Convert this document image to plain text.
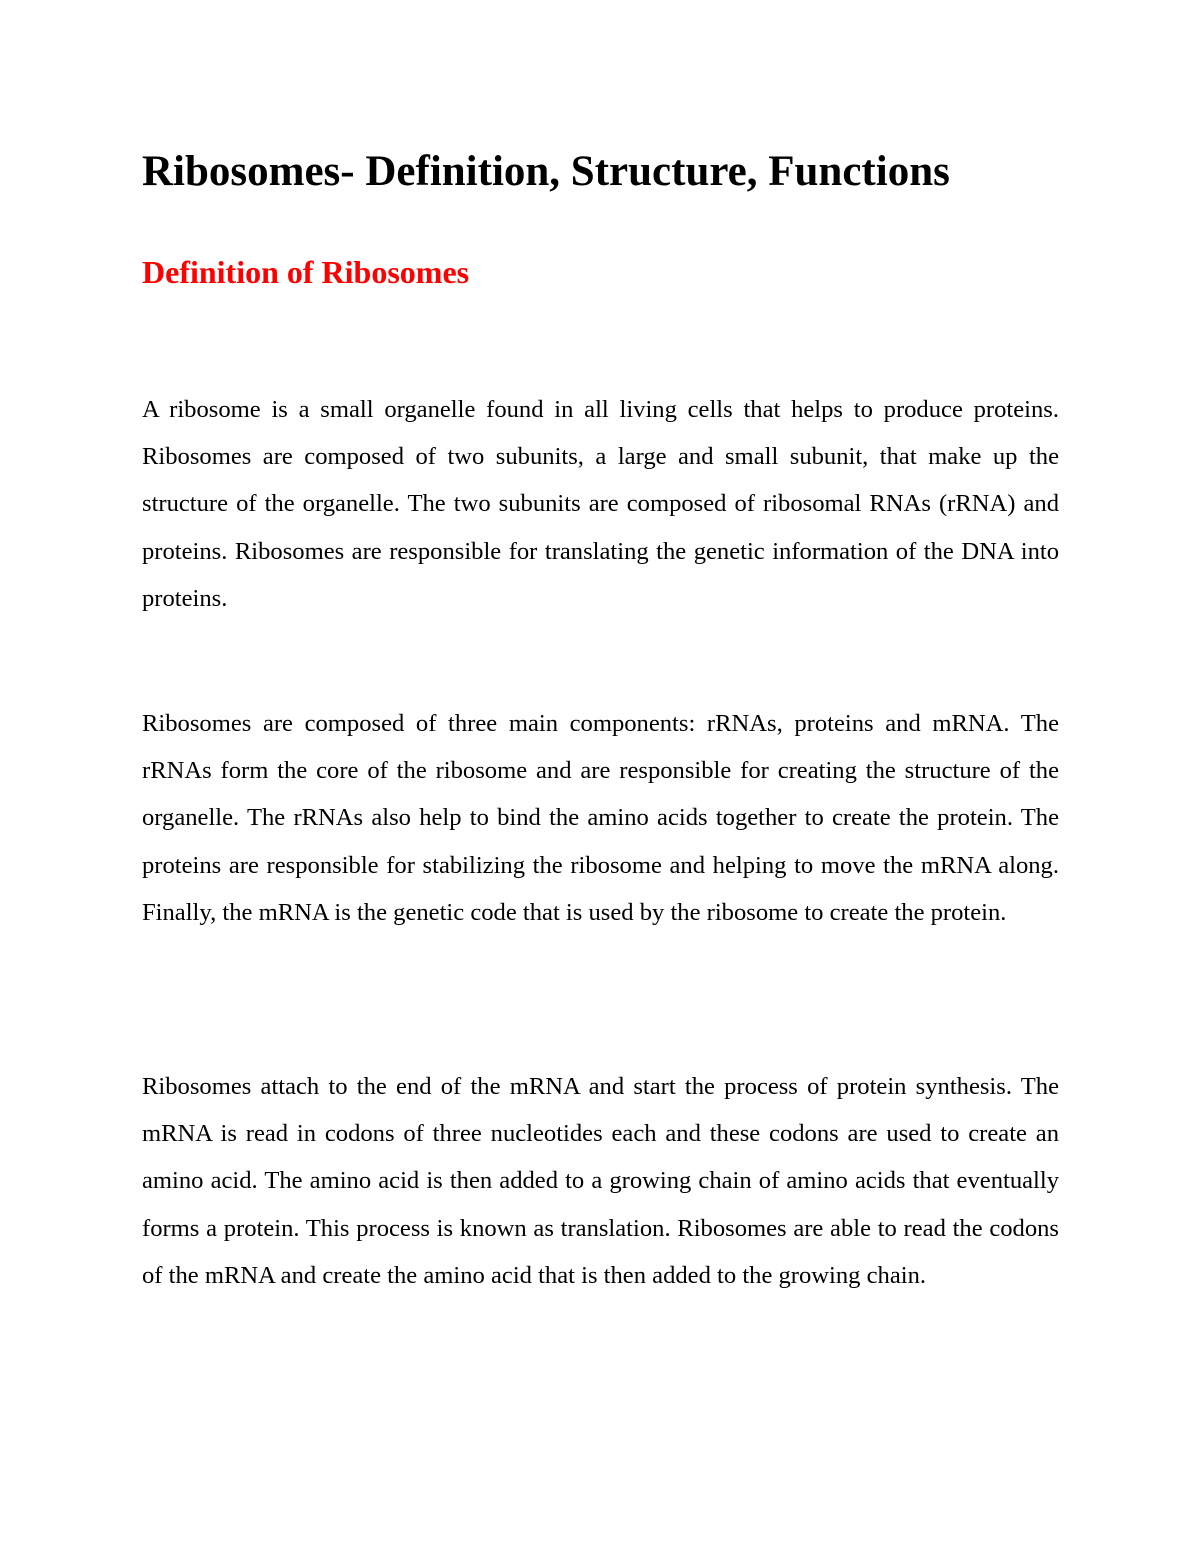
Ribosomes- Definition, Structure, Functions
Definition of Ribosomes

A ribosome is a small organelle found in all living cells that helps to produce proteins. Ribosomes are composed of two subunits, a large and small subunit, that make up the structure of the organelle. The two subunits are composed of ribosomal RNAs (rRNA) and proteins. Ribosomes are responsible for translating the genetic information of the DNA into proteins.

Ribosomes are composed of three main components: rRNAs, proteins and mRNA. The rRNAs form the core of the ribosome and are responsible for creating the structure of the organelle. The rRNAs also help to bind the amino acids together to create the protein. The proteins are responsible for stabilizing the ribosome and helping to move the mRNA along. Finally, the mRNA is the genetic code that is used by the ribosome to create the protein.

Ribosomes attach to the end of the mRNA and start the process of protein synthesis. The mRNA is read in codons of three nucleotides each and these codons are used to create an amino acid. The amino acid is then added to a growing chain of amino acids that eventually forms a protein. This process is known as translation. Ribosomes are able to read the codons of the mRNA and create the amino acid that is then added to the growing chain.
